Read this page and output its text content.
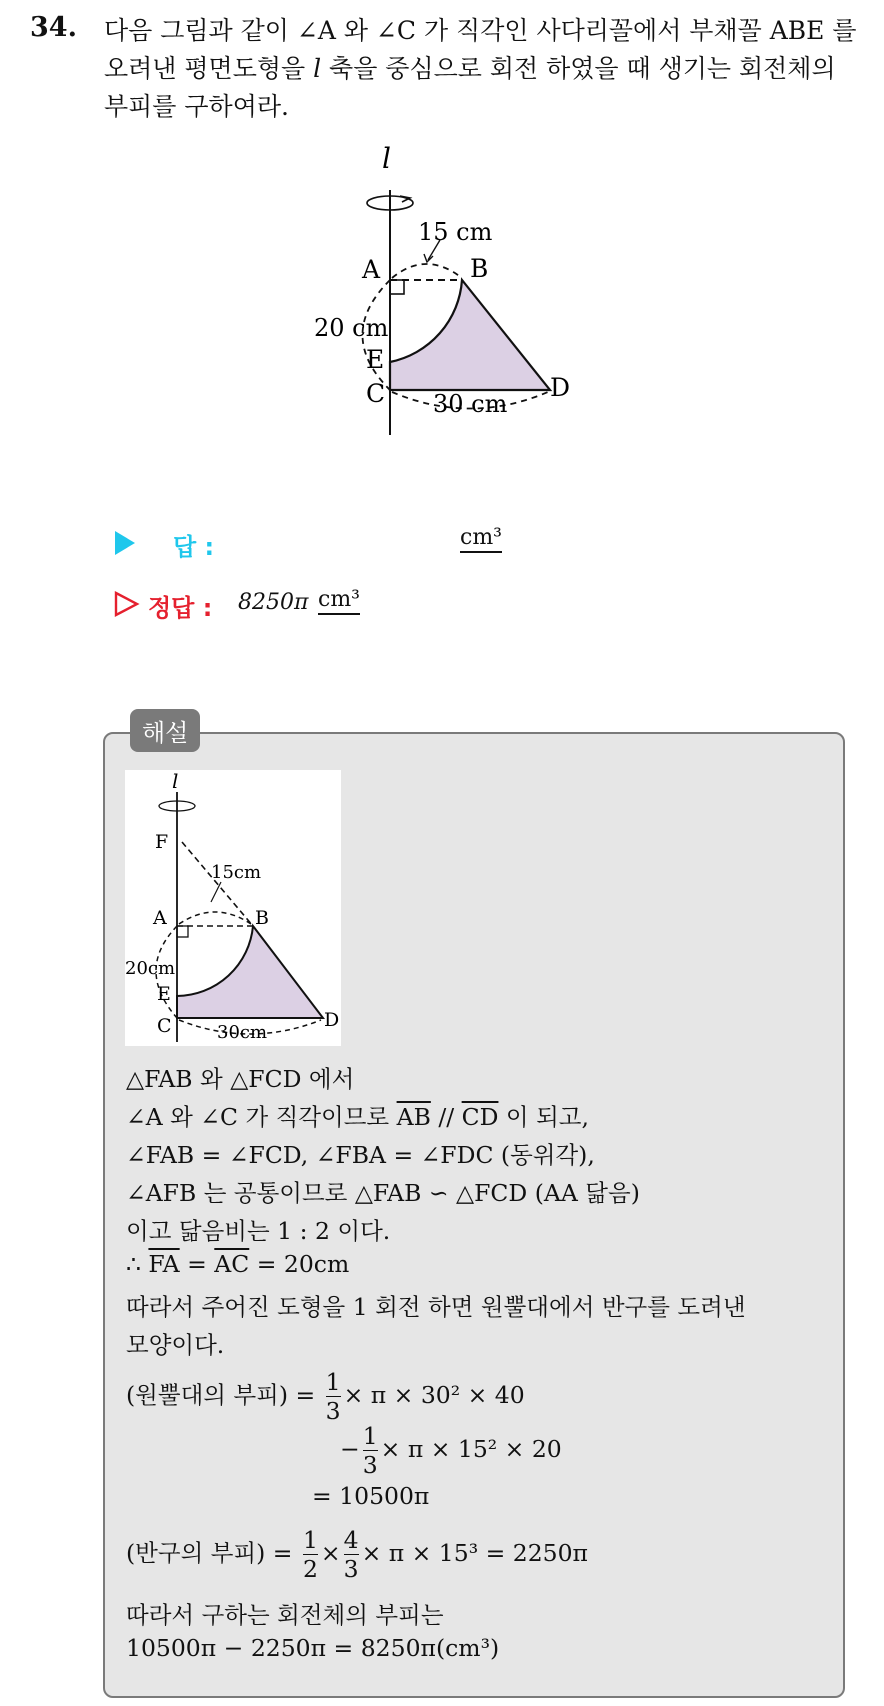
34. 다음 그림과 같이 ∠A 와 ∠C 가 직각인 사다리꼴에서 부채꼴 ABE 를 오려낸 평면도형을 l 축을 중심으로 회전 하였을 때 생기는 회전체의 부피를 구하여라.
l
15 cm
A	B
20 cm
E
C	D
30 cm
답 :	cm³
정답 : 8250π cm³
해설
l
F
15cm
A	B
20cm
E
C	D
30cm
△FAB 와 △FCD 에서
∠A 와 ∠C 가 직각이므로 $\overline{AB} // \overline{CD}$ 이 되고,
∠FAB = ∠FCD, ∠FBA = ∠FDC (동위각),
∠AFB 는 공통이므로 △FAB ∽ △FCD (AA 닮음)
이고 닮음비는 1 : 2 이다.
∴ $\overline{FA} = \overline{AC} = 20cm$
따라서 주어진 도형을 1 회전 하면 원뿔대에서 반구를 도려낸
모양이다.
(원뿔대의 부피) = $\frac{1}{3} \times \pi \times 30^2 \times 40$
− $\frac{1}{3} \times \pi \times 15^2 \times 20$
= 10500π
(반구의 부피) = $\frac{1}{2} \times \frac{4}{3} \times \pi \times 15^3 = 2250\pi$
따라서 구하는 회전체의 부피는
10500π − 2250π = 8250π(cm³)
